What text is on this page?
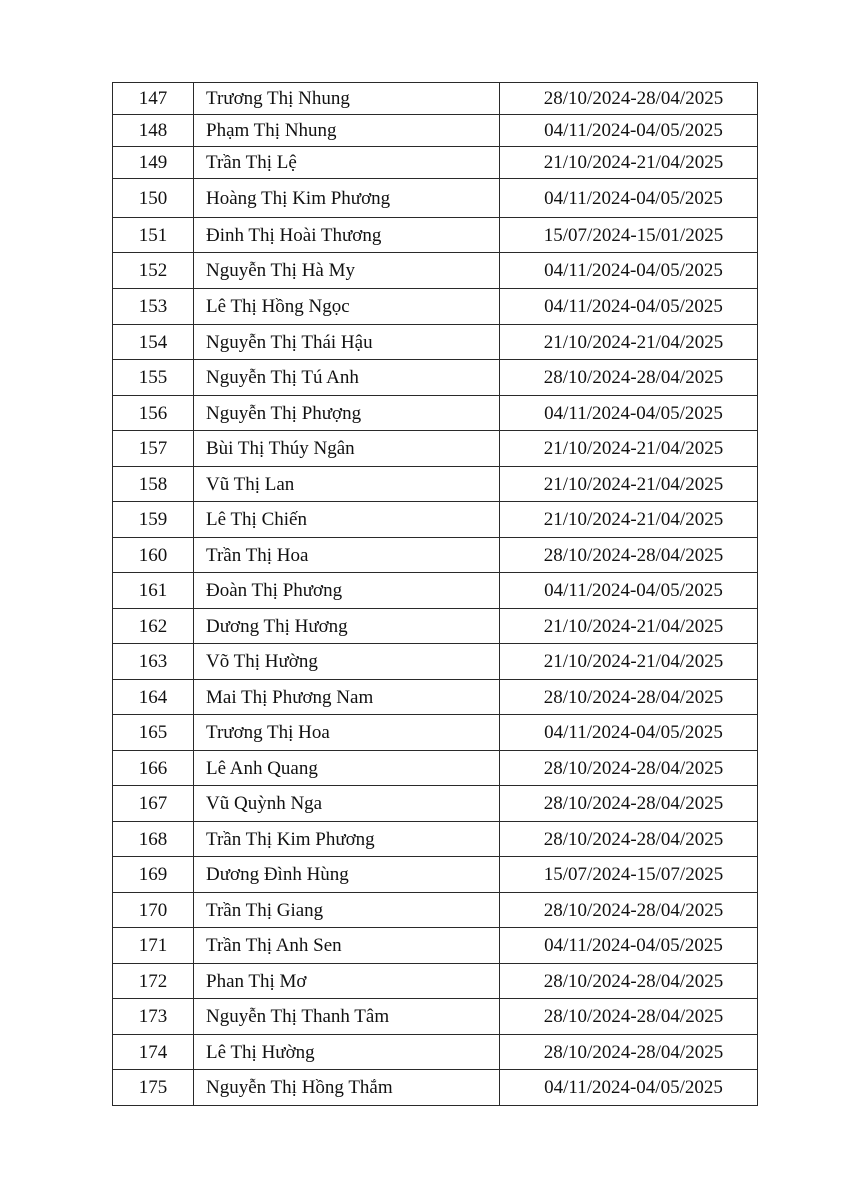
147	Trương Thị Nhung	28/10/2024-28/04/2025
148	Phạm Thị Nhung	04/11/2024-04/05/2025
149	Trần Thị Lệ	21/10/2024-21/04/2025
150	Hoàng Thị Kim Phương	04/11/2024-04/05/2025
151	Đinh Thị Hoài Thương	15/07/2024-15/01/2025
152	Nguyễn Thị Hà My	04/11/2024-04/05/2025
153	Lê Thị Hồng Ngọc	04/11/2024-04/05/2025
154	Nguyễn Thị Thái Hậu	21/10/2024-21/04/2025
155	Nguyễn Thị Tú Anh	28/10/2024-28/04/2025
156	Nguyễn Thị Phượng	04/11/2024-04/05/2025
157	Bùi Thị Thúy Ngân	21/10/2024-21/04/2025
158	Vũ Thị Lan	21/10/2024-21/04/2025
159	Lê Thị Chiến	21/10/2024-21/04/2025
160	Trần Thị Hoa	28/10/2024-28/04/2025
161	Đoàn Thị Phương	04/11/2024-04/05/2025
162	Dương Thị Hương	21/10/2024-21/04/2025
163	Võ Thị Hường	21/10/2024-21/04/2025
164	Mai Thị Phương Nam	28/10/2024-28/04/2025
165	Trương Thị Hoa	04/11/2024-04/05/2025
166	Lê Anh Quang	28/10/2024-28/04/2025
167	Vũ Quỳnh Nga	28/10/2024-28/04/2025
168	Trần Thị Kim Phương	28/10/2024-28/04/2025
169	Dương Đình Hùng	15/07/2024-15/07/2025
170	Trần Thị Giang	28/10/2024-28/04/2025
171	Trần Thị Anh Sen	04/11/2024-04/05/2025
172	Phan Thị Mơ	28/10/2024-28/04/2025
173	Nguyễn Thị Thanh Tâm	28/10/2024-28/04/2025
174	Lê Thị Hường	28/10/2024-28/04/2025
175	Nguyễn Thị Hồng Thắm	04/11/2024-04/05/2025
